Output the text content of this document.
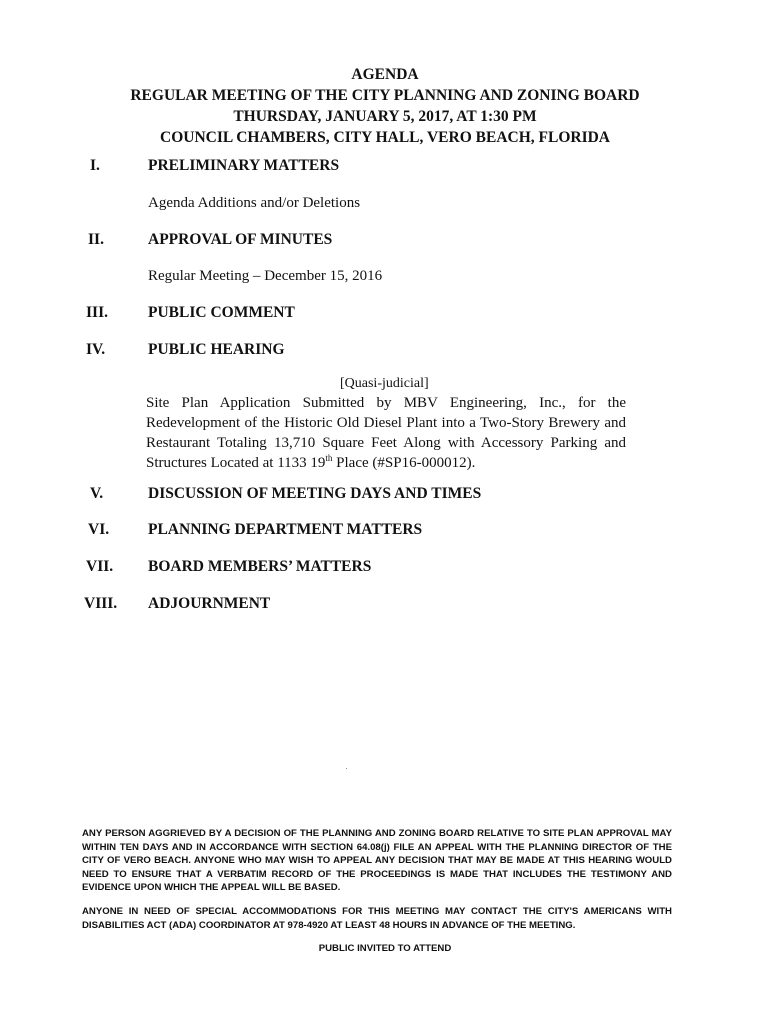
AGENDA
REGULAR MEETING OF THE CITY PLANNING AND ZONING BOARD
THURSDAY, JANUARY 5, 2017, AT 1:30 PM
COUNCIL CHAMBERS, CITY HALL, VERO BEACH, FLORIDA
I.	PRELIMINARY MATTERS
Agenda Additions and/or Deletions
II.	APPROVAL OF MINUTES
Regular Meeting – December 15, 2016
III.	PUBLIC COMMENT
IV.	PUBLIC HEARING
[Quasi-judicial]
Site Plan Application Submitted by MBV Engineering, Inc., for the Redevelopment of the Historic Old Diesel Plant into a Two-Story Brewery and Restaurant Totaling 13,710 Square Feet Along with Accessory Parking and Structures Located at 1133 19th Place (#SP16-000012).
V.	DISCUSSION OF MEETING DAYS AND TIMES
VI.	PLANNING DEPARTMENT MATTERS
VII.	BOARD MEMBERS’ MATTERS
VIII.	ADJOURNMENT
ANY PERSON AGGRIEVED BY A DECISION OF THE PLANNING AND ZONING BOARD RELATIVE TO SITE PLAN APPROVAL MAY WITHIN TEN DAYS AND IN ACCORDANCE WITH SECTION 64.08(j) FILE AN APPEAL WITH THE PLANNING DIRECTOR OF THE CITY OF VERO BEACH. ANYONE WHO MAY WISH TO APPEAL ANY DECISION THAT MAY BE MADE AT THIS HEARING WOULD NEED TO ENSURE THAT A VERBATIM RECORD OF THE PROCEEDINGS IS MADE THAT INCLUDES THE TESTIMONY AND EVIDENCE UPON WHICH THE APPEAL WILL BE BASED.
ANYONE IN NEED OF SPECIAL ACCOMMODATIONS FOR THIS MEETING MAY CONTACT THE CITY'S AMERICANS WITH DISABILITIES ACT (ADA) COORDINATOR AT 978-4920 AT LEAST 48 HOURS IN ADVANCE OF THE MEETING.
PUBLIC INVITED TO ATTEND
